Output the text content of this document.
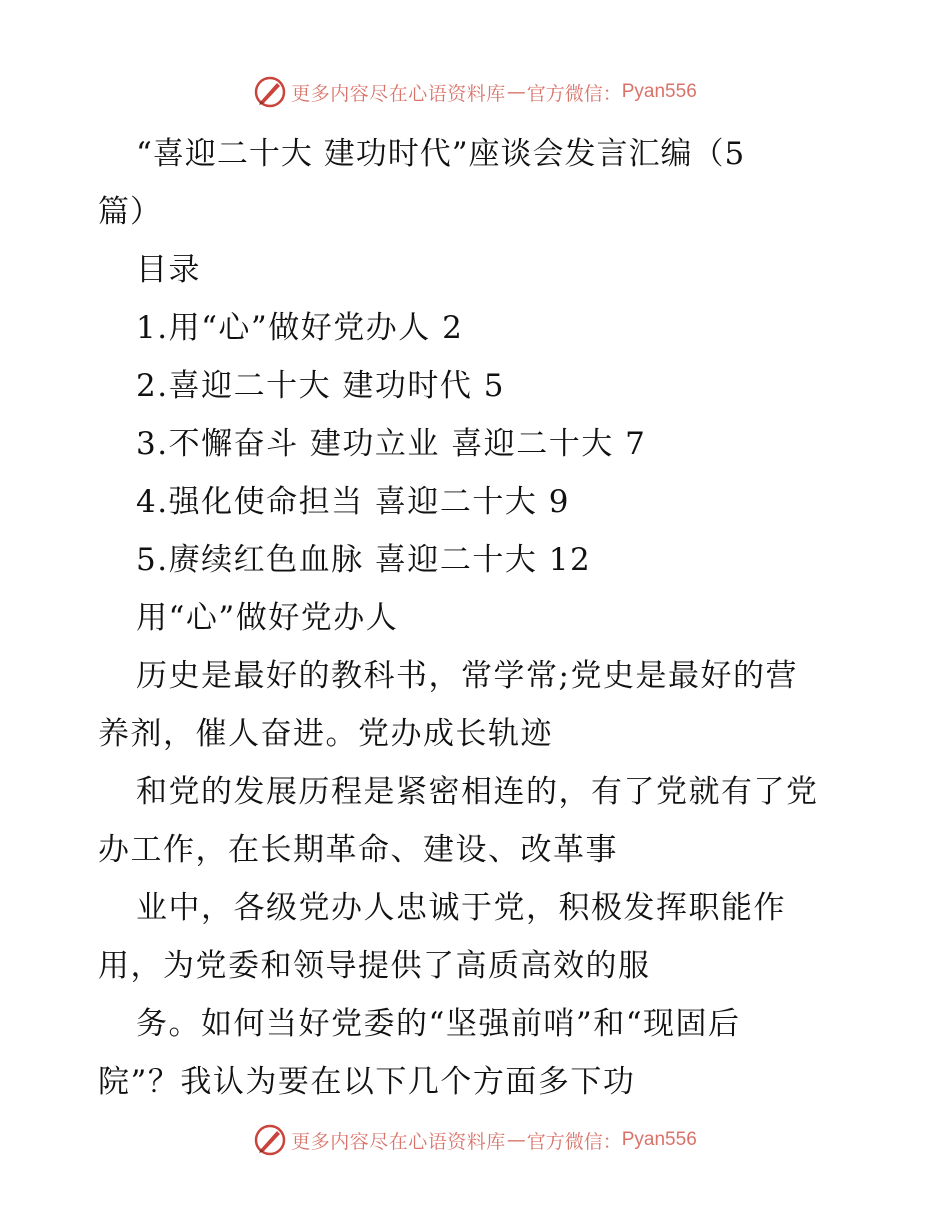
更多内容尽在心语资料库 — 官方微信： Pyan556
“喜迎二十大 建功时代”座谈会发言汇编（5
篇）
目录
1.用“心”做好党办人 2
2.喜迎二十大 建功时代 5
3.不懈奋斗 建功立业 喜迎二十大 7
4.强化使命担当 喜迎二十大 9
5.赓续红色血脉 喜迎二十大 12
用“心”做好党办人
历史是最好的教科书，常学常;党史是最好的营
养剂，催人奋进。党办成长轨迹
和党的发展历程是紧密相连的，有了党就有了党
办工作，在长期革命、建设、改革事
业中，各级党办人忠诚于党，积极发挥职能作
用，为党委和领导提供了高质高效的服
务。如何当好党委的“坚强前哨”和“现固后
院”？我认为要在以下几个方面多下功
更多内容尽在心语资料库 — 官方微信： Pyan556
